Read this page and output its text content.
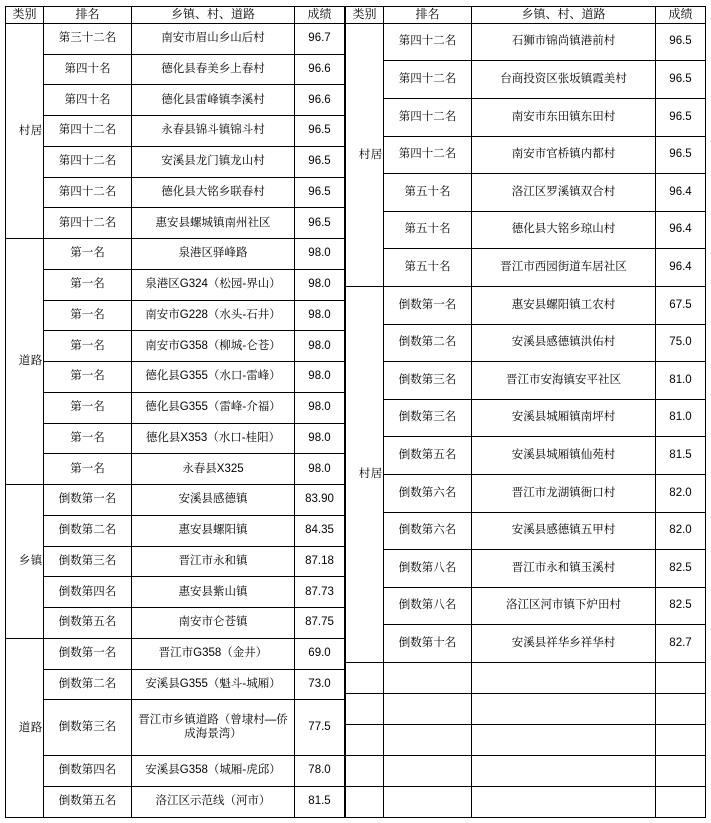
类别	排名	乡镇、村、道路	成绩
村居	第三十二名	南安市眉山乡山后村	96.7
	第四十名	德化县春美乡上春村	96.6
	第四十名	德化县雷峰镇李溪村	96.6
	第四十二名	永春县锦斗镇锦斗村	96.5
	第四十二名	安溪县龙门镇龙山村	96.5
	第四十二名	德化县大铭乡联春村	96.5
	第四十二名	惠安县螺城镇南州社区	96.5
道路	第一名	泉港区驿峰路	98.0
	第一名	泉港区G324（松园-界山）	98.0
	第一名	南安市G228（水头-石井）	98.0
	第一名	南安市G358（柳城-仑苍）	98.0
	第一名	德化县G355（水口-雷峰）	98.0
	第一名	德化县G355（雷峰-介福）	98.0
	第一名	德化县X353（水口-桂阳）	98.0
	第一名	永春县X325	98.0
乡镇	倒数第一名	安溪县感德镇	83.90
	倒数第二名	惠安县螺阳镇	84.35
	倒数第三名	晋江市永和镇	87.18
	倒数第四名	惠安县紫山镇	87.73
	倒数第五名	南安市仑苍镇	87.75
道路	倒数第一名	晋江市G358（金井）	69.0
	倒数第二名	安溪县G355（魁斗-城厢）	73.0
	倒数第三名	晋江市乡镇道路（曾埭村—侨
成海景湾）	77.5
	倒数第四名	安溪县G358（城厢-虎邱）	78.0
	倒数第五名	洛江区示范线（河市）	81.5
类别	排名	乡镇、村、道路	成绩
村居	第四十二名	石狮市锦尚镇港前村	96.5
	第四十二名	台商投资区张坂镇霞美村	96.5
	第四十二名	南安市东田镇东田村	96.5
	第四十二名	南安市官桥镇内都村	96.5
	第五十名	洛江区罗溪镇双合村	96.4
	第五十名	德化县大铭乡琼山村	96.4
	第五十名	晋江市西园街道车居社区	96.4
村居	倒数第一名	惠安县螺阳镇工农村	67.5
	倒数第二名	安溪县感德镇洪佑村	75.0
	倒数第三名	晋江市安海镇安平社区	81.0
	倒数第三名	安溪县城厢镇南坪村	81.0
	倒数第五名	安溪县城厢镇仙苑村	81.5
	倒数第六名	晋江市龙湖镇衙口村	82.0
	倒数第六名	安溪县感德镇五甲村	82.0
	倒数第八名	晋江市永和镇玉溪村	82.5
	倒数第八名	洛江区河市镇下炉田村	82.5
	倒数第十名	安溪县祥华乡祥华村	82.7
